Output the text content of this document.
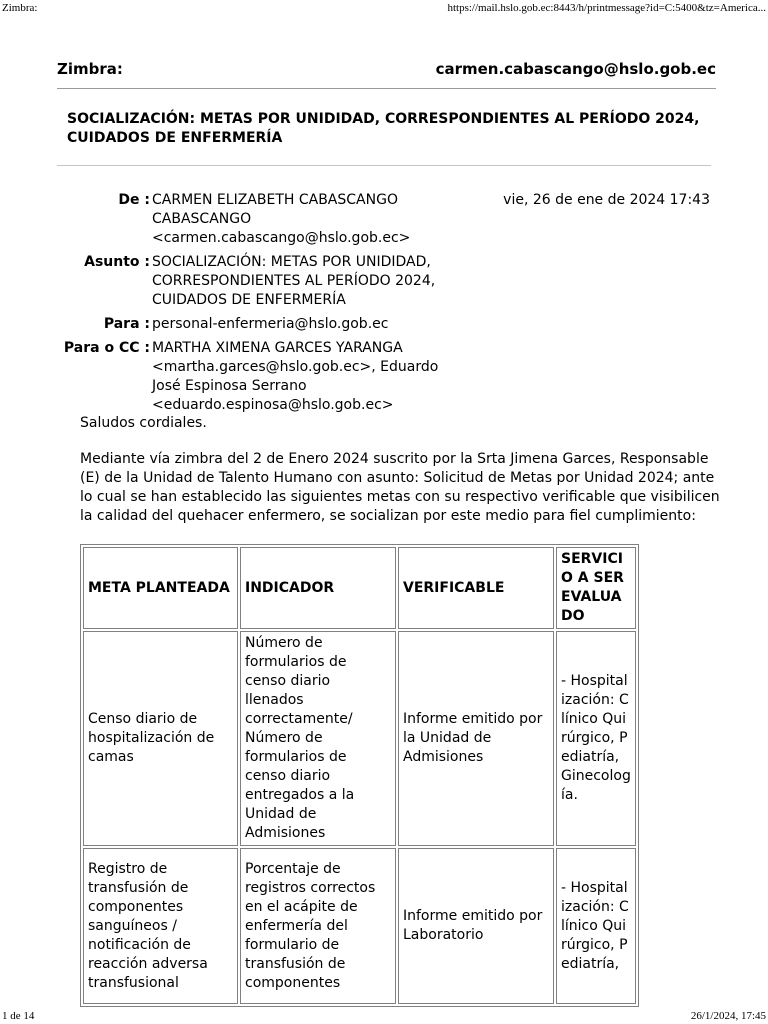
Zimbra:	https://mail.hslo.gob.ec:8443/h/printmessage?id=C:5400&tz=America...
Zimbra:	carmen.cabascango@hslo.gob.ec
SOCIALIZACIÓN: METAS POR UNIDIDAD, CORRESPONDIENTES AL PERÍODO 2024, CUIDADOS DE ENFERMERÍA
De : CARMEN ELIZABETH CABASCANGO CABASCANGO <carmen.cabascango@hslo.gob.ec>
vie, 26 de ene de 2024 17:43
Asunto : SOCIALIZACIÓN: METAS POR UNIDIDAD, CORRESPONDIENTES AL PERÍODO 2024, CUIDADOS DE ENFERMERÍA
Para : personal-enfermeria@hslo.gob.ec
Para o CC : MARTHA XIMENA GARCES YARANGA <martha.garces@hslo.gob.ec>, Eduardo José Espinosa Serrano <eduardo.espinosa@hslo.gob.ec>

Saludos cordiales.

Mediante vía zimbra del 2 de Enero 2024 suscrito por la Srta Jimena Garces, Responsable (E) de la Unidad de Talento Humano con asunto: Solicitud de Metas por Unidad 2024; ante lo cual se han establecido las siguientes metas con su respectivo verificable que visibilicen la calidad del quehacer enfermero, se socializan por este medio para fiel cumplimiento:

META PLANTEADA	INDICADOR	VERIFICABLE	SERVICIO A SER EVALUADO
Censo diario de hospitalización de camas	Número de formularios de censo diario llenados correctamente/ Número de formularios de censo diario entregados a la Unidad de Admisiones	Informe emitido por la Unidad de Admisiones	- Hospitalización: Clínico Quirúrgico, Pediatría, Ginecología.
Registro de transfusión de componentes sanguíneos / notificación de reacción adversa transfusional	Porcentaje de registros correctos en el acápite de enfermería del formulario de transfusión de componentes	Informe emitido por Laboratorio	- Hospitalización: Clínico Quirúrgico, Pediatría,
1 de 14	26/1/2024, 17:45
